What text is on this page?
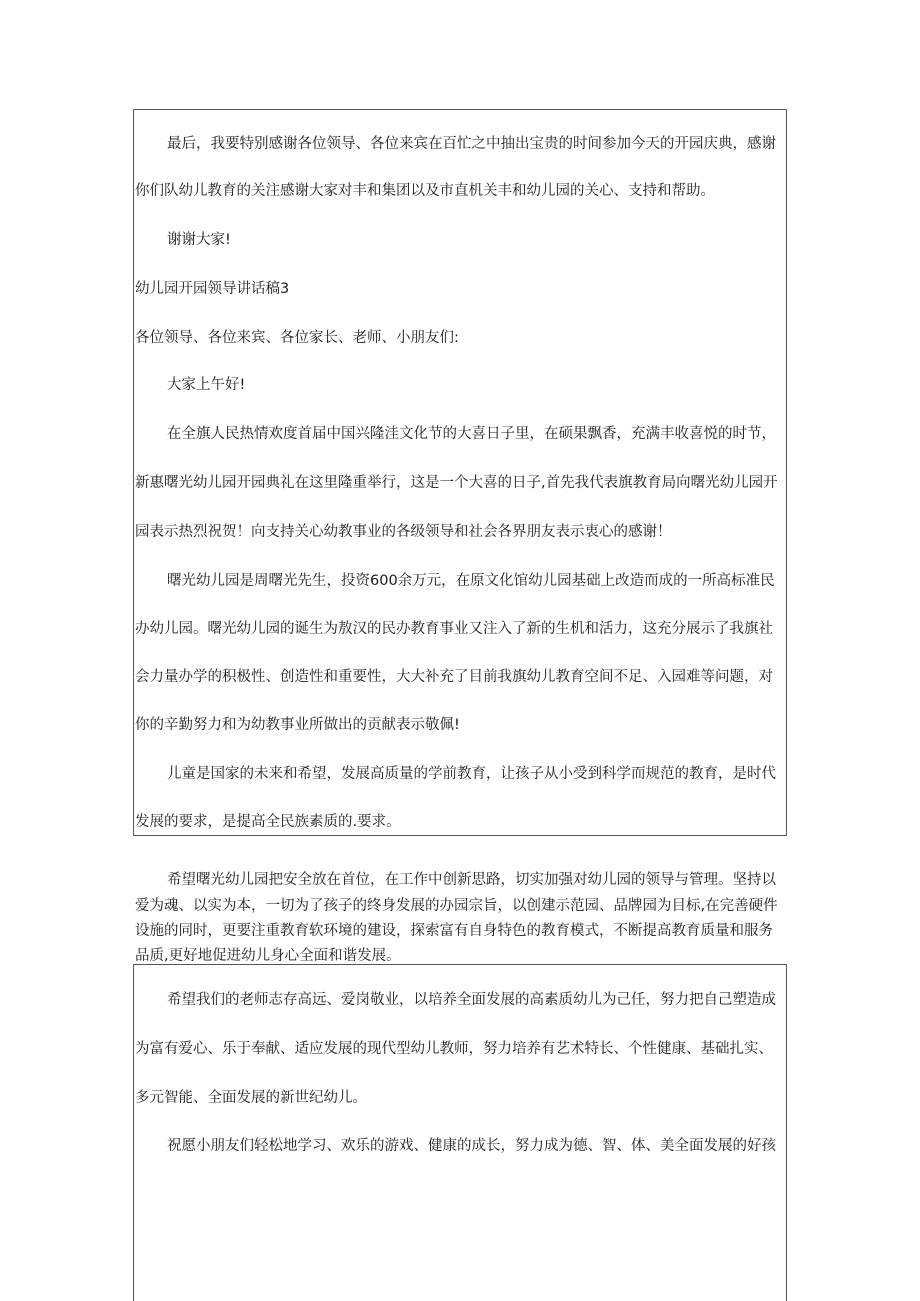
最后，我要特别感谢各位领导、各位来宾在百忙之中抽出宝贵的时间参加今天的开园庆典，感谢
你们队幼儿教育的关注感谢大家对丰和集团以及市直机关丰和幼儿园的关心、支持和帮助。
谢谢大家!
幼儿园开园领导讲话稿3
各位领导、各位来宾、各位家长、老师、小朋友们:
大家上午好!
在全旗人民热情欢度首届中国兴隆洼文化节的大喜日子里，在硕果飘香，充满丰收喜悦的时节，
新惠曙光幼儿园开园典礼在这里隆重举行，这是一个大喜的日子,首先我代表旗教育局向曙光幼儿园开
园表示热烈祝贺！向支持关心幼教事业的各级领导和社会各界朋友表示衷心的感谢！
曙光幼儿园是周曙光先生，投资600余万元，在原文化馆幼儿园基础上改造而成的一所高标准民
办幼儿园。曙光幼儿园的诞生为敖汉的民办教育事业又注入了新的生机和活力，这充分展示了我旗社
会力量办学的积极性、创造性和重要性，大大补充了目前我旗幼儿教育空间不足、入园难等问题，对
你的辛勤努力和为幼教事业所做出的贡献表示敬佩!
儿童是国家的未来和希望，发展高质量的学前教育，让孩子从小受到科学而规范的教育，是时代
发展的要求，是提高全民族素质的.要求。
希望曙光幼儿园把安全放在首位，在工作中创新思路，切实加强对幼儿园的领导与管理。坚持以
爱为魂、以实为本，一切为了孩子的终身发展的办园宗旨，以创建示范园、品牌园为目标,在完善硬件
设施的同时，更要注重教育软环境的建设，探索富有自身特色的教育模式，不断提高教育质量和服务
品质,更好地促进幼儿身心全面和谐发展。
希望我们的老师志存高远、爱岗敬业，以培养全面发展的高素质幼儿为己任，努力把自己塑造成
为富有爱心、乐于奉献、适应发展的现代型幼儿教师，努力培养有艺术特长、个性健康、基础扎实、
多元智能、全面发展的新世纪幼儿。
祝愿小朋友们轻松地学习、欢乐的游戏、健康的成长，努力成为德、智、体、美全面发展的好孩
